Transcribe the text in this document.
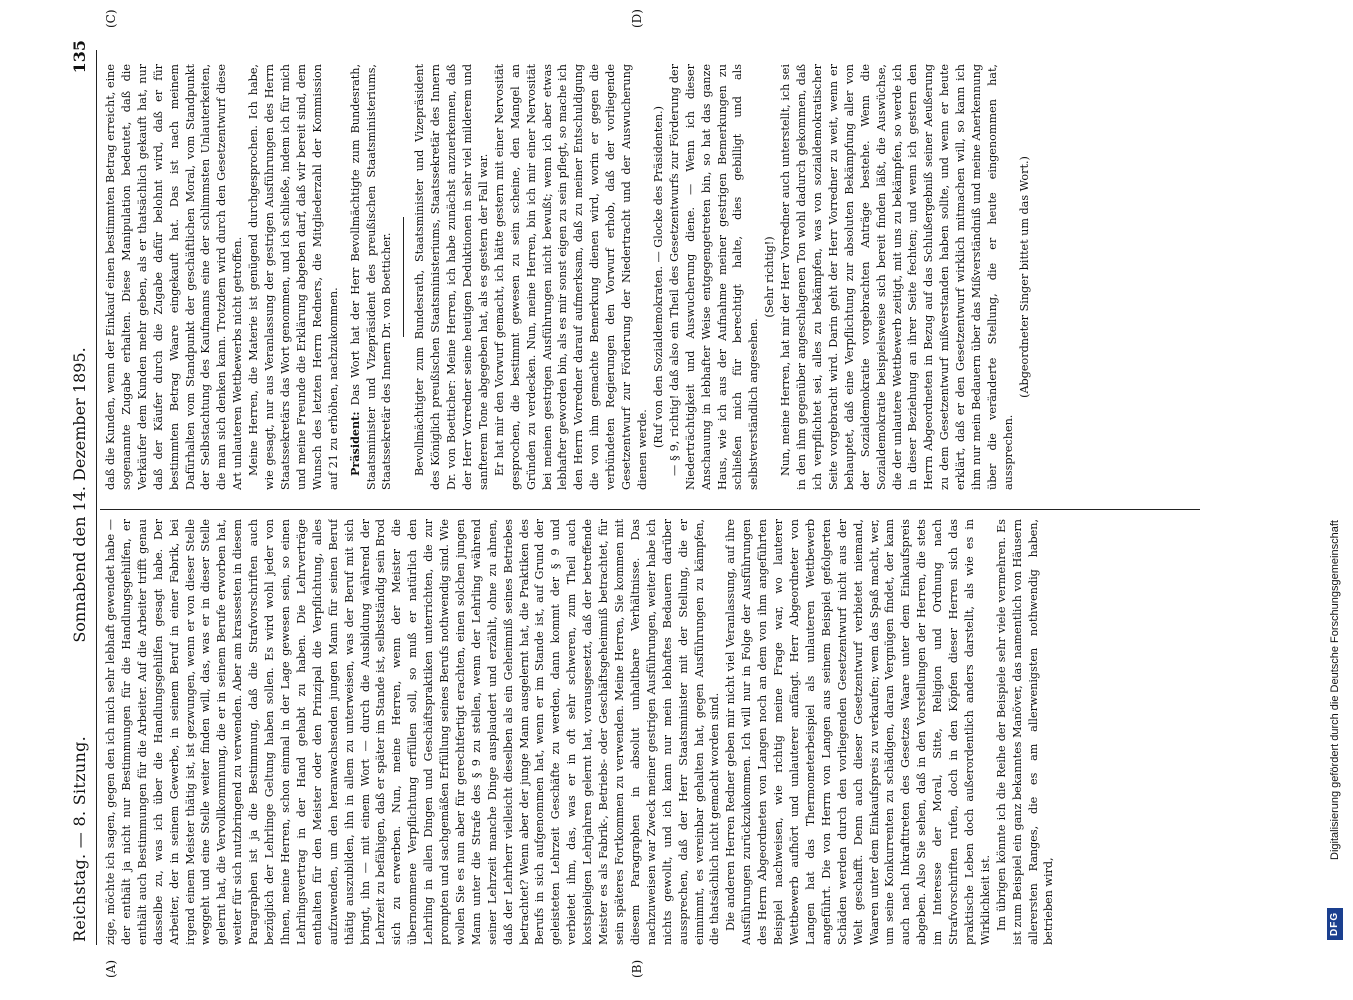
Reichstag. — 8. Sitzung.
Sonnabend den 14. Dezember 1895.
135
(A)	(B)
(C)	(D)

zige, möchte ich sagen, gegen den ich mich sehr lebhaft gewendet habe — der enthält ja nicht nur Bestimmungen für die Handlungsgehilfen, er enthält auch Bestimmungen für die Arbeiter. Auf die Arbeiter trifft genau dasselbe zu, was ich über die Handlungsgehilfen gesagt habe. Der Arbeiter, der in seinem Gewerbe, in seinem Beruf in einer Fabrik, bei irgend einem Meister thätig ist, ist gezwungen, wenn er von dieser Stelle weggeht und eine Stelle weiter finden will, das, was er in dieser Stelle gelernt hat, die Vervollkommnung, die er in seinem Berufe erworben hat, weiter für sich nutzbringend zu verwenden. Aber am krassesten in diesem Paragraphen ist ja die Bestimmung, daß die Strafvorschriften auch bezüglich der Lehrlinge Geltung haben sollen. Es wird wohl jeder von Ihnen, meine Herren, schon einmal in der Lage gewesen sein, so einen Lehrlingsvertrag in der Hand gehabt zu haben. Die Lehrverträge enthalten für den Meister oder den Prinzipal die Verpflichtung, alles aufzuwenden, um den heranwachsenden jungen Mann für seinen Beruf thätig auszubilden, ihn in allem zu unterweisen, was der Beruf mit sich bringt, ihn — mit einem Wort — durch die Ausbildung während der Lehrzeit zu befähigen, daß er später im Stande ist, selbstständig sein Brod sich zu erwerben. Nun, meine Herren, wenn der Meister die übernommene Verpflichtung erfüllen soll, so muß er natürlich den Lehrling in allen Dingen und Geschäftspraktiken unterrichten, die zur prompten und sachgemäßen Erfüllung seines Berufs nothwendig sind. Wie wollen Sie es nun aber für gerechtfertigt erachten, einen solchen jungen Mann unter die Strafe des § 9 zu stellen, wenn der Lehrling während seiner Lehrzeit manche Dinge ausplaudert und erzählt, ohne zu ahnen, daß der Lehrherr vielleicht dieselben als ein Geheimniß seines Betriebes betrachtet? Wenn aber der junge Mann ausgelernt hat, die Praktiken des Berufs in sich aufgenommen hat, wenn er im Stande ist, auf Grund der geleisteten Lehrzeit Geschäfte zu werden, dann kommt der § 9 und verbietet ihm, das, was er in oft sehr schweren, zum Theil auch kostspieligen Lehrjahren gelernt hat, vorausgesetzt, daß der betreffende Meister es als Fabrik-, Betriebs- oder Geschäftsgeheimniß betrachtet, für sein späteres Fortkommen zu verwenden. Meine Herren, Sie kommen mit diesem Paragraphen in absolut unhaltbare Verhältnisse. Das nachzuweisen war Zweck meiner gestrigen Ausführungen, weiter habe ich nichts gewollt, und ich kann nur mein lebhaftes Bedauern darüber aussprechen, daß der Herr Staatsminister mit der Stellung, die er einnimmt, es vereinbar gehalten hat, gegen Ausführungen zu kämpfen, die thatsächlich nicht gemacht worden sind. Die anderen Herren Redner geben mir nicht viel Veranlassung, auf ihre Ausführungen zurückzukommen. Ich will nur in Folge der Ausführungen des Herrn Abgeordneten von Langen noch an dem von ihm angeführten Beispiel nachweisen, wie richtig meine Frage war, wo lauterer Wettbewerb aufhört und unlauterer anfängt. Herr Abgeordneter von Langen hat das Thermometerbeispiel als unlauteren Wettbewerb angeführt. Die von Herrn von Langen aus seinem Beispiel gefolgerten Schäden werden durch den vorliegenden Gesetzentwurf nicht aus der Welt geschafft. Denn auch dieser Gesetzentwurf verbietet niemand, Waaren unter dem Einkaufspreis zu verkaufen; wem das Spaß macht, wer, um seine Konkurrenten zu schädigen, daran Vergnügen findet, der kann auch nach Inkrafttreten des Gesetzes Waare unter dem Einkaufspreis abgeben. Also Sie sehen, daß in den Vorstellungen der Herren, die stets im Interesse der Moral, Sitte, Religion und Ordnung nach Strafvorschriften rufen, doch in den Köpfen dieser Herren sich das praktische Leben doch außerordentlich anders darstellt, als wie es in Wirklichkeit ist. Im übrigen könnte ich die Reihe der Beispiele sehr viele vermehren. Es ist zum Beispiel ein ganz bekanntes Manöver, das namentlich von Häusern allerersten Ranges, die es am allerwenigsten nothwendig haben, betrieben wird,

daß die Kunden, wenn der Einkauf einen bestimmten Betrag erreicht, eine sogenannte Zugabe erhalten. Diese Manipulation bedeutet, daß die Verkäufer dem Kunden mehr geben, als er thatsächlich gekauft hat, nur daß der Käufer durch die Zugabe dafür belohnt wird, daß er für bestimmten Betrag Waare eingekauft hat. Das ist nach meinem Dafürhalten vom Standpunkt der geschäftlichen Moral, vom Standpunkt der Selbstachtung des Kaufmanns eine der schlimmsten Unlauterkeiten, die man sich denken kann. Trotzdem wird durch den Gesetzentwurf diese Art unlauteren Wettbewerbs nicht getroffen. Meine Herren, die Materie ist genügend durchgesprochen. Ich habe, wie gesagt, nur aus Veranlassung der gestrigen Ausführungen des Herrn Staatssekretärs das Wort genommen, und ich schließe, indem ich für mich und meine Freunde die Erklärung abgeben darf, daß wir bereit sind, dem Wunsch des letzten Herrn Redners, die Mitgliederzahl der Kommission auf 21 zu erhöhen, nachzukommen. Präsident: Das Wort hat der Herr Bevollmächtigte zum Bundesrath, Staatsminister und Vizepräsident des preußischen Staatsministeriums, Staatssekretär des Innern Dr. von Boetticher. Bevollmächtigter zum Bundesrath, Staatsminister und Vizepräsident des Königlich preußischen Staatsministeriums, Staatssekretär des Innern Dr. von Boetticher: Meine Herren, ich habe zunächst anzuerkennen, daß der Herr Vorredner seine heutigen Deduktionen in sehr viel milderem und sanfterem Tone abgegeben hat, als es gestern der Fall war. Er hat mir den Vorwurf gemacht, ich hätte gestern mit einer Nervosität gesprochen, die bestimmt gewesen zu sein scheine, den Mangel an Gründen zu verdecken. Nun, meine Herren, bin ich mir einer Nervosität bei meinen gestrigen Ausführungen nicht bewußt; wenn ich aber etwas lebhafter geworden bin, als es mir sonst eigen zu sein pflegt, so mache ich den Herrn Vorredner darauf aufmerksam, daß zu meiner Entschuldigung die von ihm gemachte Bemerkung dienen wird, worin er gegen die verbündeten Regierungen den Vorwurf erhob, daß der vorliegende Gesetzentwurf zur Förderung der Niedertracht und der Auswucherung dienen werde.

(Ruf von den Sozialdemokraten. — Glocke des Präsidenten.) — § 9, richtig! daß also ein Theil des Gesetzentwurfs zur Förderung der Niederträchtigkeit und Auswucherung diene. — Wenn ich dieser Anschauung in lebhafter Weise entgegengetreten bin, so hat das ganze Haus, wie ich aus der Aufnahme meiner gestrigen Bemerkungen zu schließen mich für berechtigt halte, dies gebilligt und als selbstverständlich angesehen.

(Sehr richtig!) Nun, meine Herren, hat mir der Herr Vorredner auch unterstellt, ich sei in den ihm gegenüber angeschlagenen Ton wohl dadurch gekommen, daß ich verpflichtet sei, alles zu bekämpfen, was von sozialdemokratischer Seite vorgebracht wird. Darin geht der Herr Vorredner zu weit, wenn er behauptet, daß eine Verpflichtung zur absoluten Bekämpfung aller von der Sozialdemokratie vorgebrachten Anträge bestehe. Wenn die Sozialdemokratie beispielsweise sich bereit finden läßt, die Auswüchse, die der unlautere Wettbewerb zeitigt, mit uns zu bekämpfen, so werde ich in dieser Beziehung an ihrer Seite fechten; und wenn ich gestern den Herrn Abgeordneten in Bezug auf das Schlußergebniß seiner Aeußerung zu dem Gesetzentwurf mißverstanden haben sollte, und wenn er heute erklärt, daß er den Gesetzentwurf wirklich mitmachen will, so kann ich ihm nur mein Bedauern über das Mißverständniß und meine Anerkennung über die veränderte Stellung, die er heute eingenommen hat, aussprechen.

(Abgeordneter Singer bittet um das Wort.)

DFG
Digitalisierung gefördert durch die Deutsche Forschungsgemeinschaft
